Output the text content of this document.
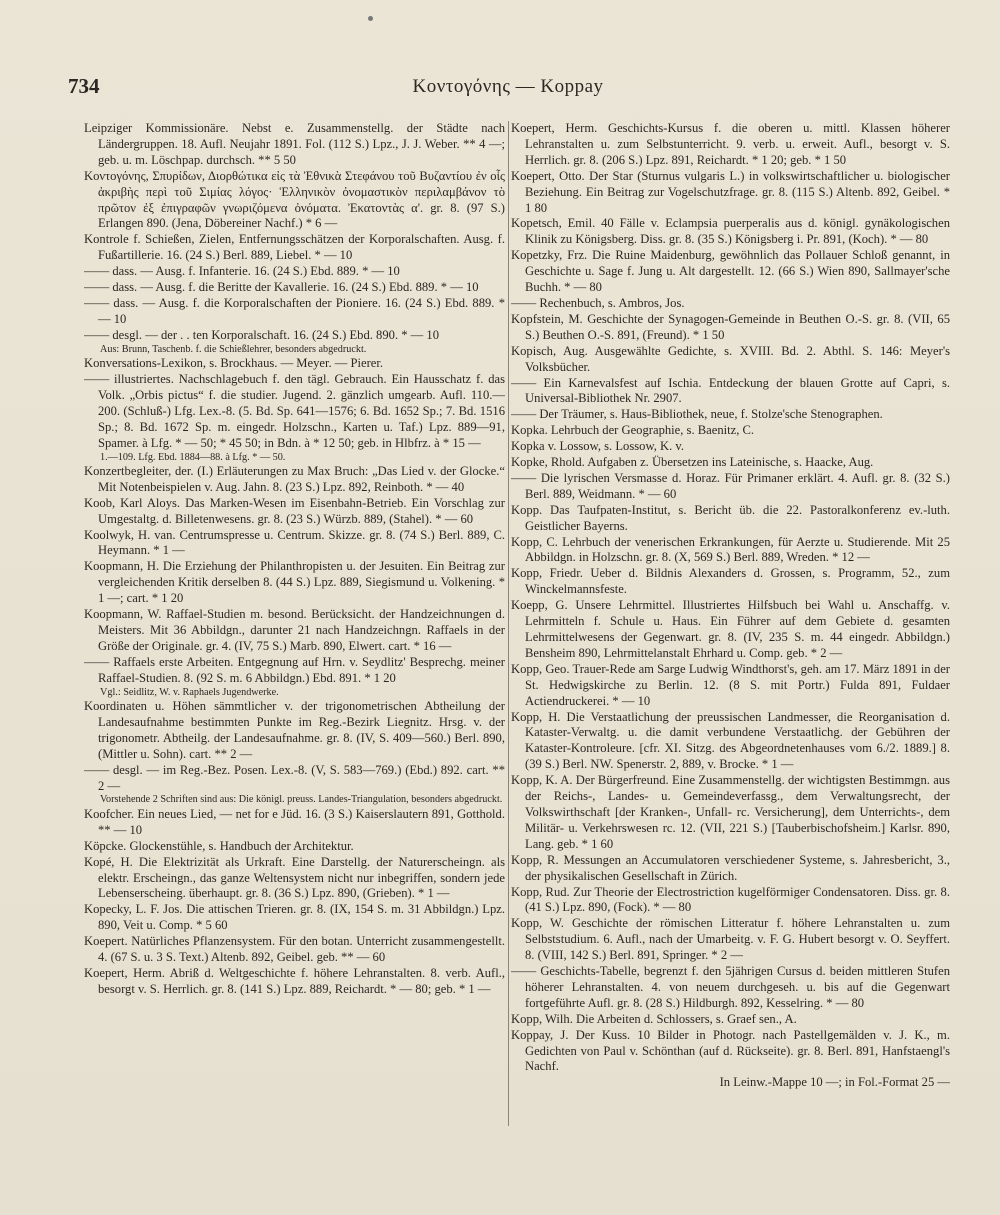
734	Κοντογόνης — Koppay

Leipziger Kommissionäre. Nebst e. Zusammenstellg. der Städte nach Ländergruppen. 18. Aufl. Neujahr 1891. Fol. (112 S.) Lpz., J. J. Weber. ** 4 —; geb. u. m. Löschpap. durchsch. ** 5 50

Κοντογόνης, Σπυρίδων, Διορθώτικα εἰς τὰ Ἐθνικὰ Στεφάνου τοῦ Βυζαντίου ἐν οἷς ἀκριβὴς περὶ τοῦ Σιμίας λόγος· Ἑλληνικὸν ὀνομαστικὸν περιλαμβάνον τὸ πρῶτον ἐξ ἐπιγραφῶν γνωριζόμενα ὀνόματα. Ἐκατοντὰς α'. gr. 8. (97 S.) Erlangen 890. (Jena, Döbereiner Nachf.) * 6 —

Kontrole f. Schießen, Zielen, Entfernungsschätzen der Korporalschaften. Ausg. f. Fußartillerie. 16. (24 S.) Berl. 889, Liebel. * — 10

—— dass. — Ausg. f. Infanterie. 16. (24 S.) Ebd. 889. * — 10

—— dass. — Ausg. f. die Beritte der Kavallerie. 16. (24 S.) Ebd. 889. * — 10

—— dass. — Ausg. f. die Korporalschaften der Pioniere. 16. (24 S.) Ebd. 889. * — 10

—— desgl. — der . . ten Korporalschaft. 16. (24 S.) Ebd. 890. * — 10

Aus: Brunn, Taschenb. f. die Schießlehrer, besonders abgedruckt.

Konversations-Lexikon, s. Brockhaus. — Meyer. — Pierer.

—— illustriertes. Nachschlagebuch f. den tägl. Gebrauch. Ein Hausschatz f. das Volk. „Orbis pictus“ f. die studier. Jugend. 2. gänzlich umgearb. Aufl. 110.—200. (Schluß-) Lfg. Lex.-8. (5. Bd. Sp. 641—1576; 6. Bd. 1652 Sp.; 7. Bd. 1516 Sp.; 8. Bd. 1672 Sp. m. eingedr. Holzschn., Karten u. Taf.) Lpz. 889—91, Spamer. à Lfg. * — 50; * 45 50; in Bdn. à * 12 50; geb. in Hlbfrz. à * 15 —

1.—109. Lfg. Ebd. 1884—88. à Lfg. * — 50.

Konzertbegleiter, der. (I.) Erläuterungen zu Max Bruch: „Das Lied v. der Glocke.“ Mit Notenbeispielen v. Aug. Jahn. 8. (23 S.) Lpz. 892, Reinboth. * — 40

Koob, Karl Aloys. Das Marken-Wesen im Eisenbahn-Betrieb. Ein Vorschlag zur Umgestaltg. d. Billetenwesens. gr. 8. (23 S.) Würzb. 889, (Stahel). * — 60

Koolwyk, H. van. Centrumspresse u. Centrum. Skizze. gr. 8. (74 S.) Berl. 889, C. Heymann. * 1 —

Koopmann, H. Die Erziehung der Philanthropisten u. der Jesuiten. Ein Beitrag zur vergleichenden Kritik derselben 8. (44 S.) Lpz. 889, Siegismund u. Volkening. * 1 —; cart. * 1 20

Koopmann, W. Raffael-Studien m. besond. Berücksicht. der Handzeichnungen d. Meisters. Mit 36 Abbildgn., darunter 21 nach Handzeichngn. Raffaels in der Größe der Originale. gr. 4. (IV, 75 S.) Marb. 890, Elwert. cart. * 16 —

—— Raffaels erste Arbeiten. Entgegnung auf Hrn. v. Seydlitz' Besprechg. meiner Raffael-Studien. 8. (92 S. m. 6 Abbildgn.) Ebd. 891. * 1 20

Vgl.: Seidlitz, W. v. Raphaels Jugendwerke.

Koordinaten u. Höhen sämmtlicher v. der trigonometrischen Abtheilung der Landesaufnahme bestimmten Punkte im Reg.-Bezirk Liegnitz. Hrsg. v. der trigonometr. Abtheilg. der Landesaufnahme. gr. 8. (IV, S. 409—560.) Berl. 890, (Mittler u. Sohn). cart. ** 2 —

—— desgl. — im Reg.-Bez. Posen. Lex.-8. (V, S. 583—769.) (Ebd.) 892. cart. ** 2 —

Vorstehende 2 Schriften sind aus: Die königl. preuss. Landes-Triangulation, besonders abgedruckt.

Koofcher. Ein neues Lied, — net for e Jüd. 16. (3 S.) Kaiserslautern 891, Gotthold. ** — 10

Köpcke. Glockenstühle, s. Handbuch der Architektur.

Kopé, H. Die Elektrizität als Urkraft. Eine Darstellg. der Naturerscheingn. als elektr. Erscheingn., das ganze Weltensystem nicht nur inbegriffen, sondern jede Lebenserscheing. überhaupt. gr. 8. (36 S.) Lpz. 890, (Grieben). * 1 —

Kopecky, L. F. Jos. Die attischen Trieren. gr. 8. (IX, 154 S. m. 31 Abbildgn.) Lpz. 890, Veit u. Comp. * 5 60

Koepert. Natürliches Pflanzensystem. Für den botan. Unterricht zusammengestellt. 4. (67 S. u. 3 S. Text.) Altenb. 892, Geibel. geb. ** — 60

Koepert, Herm. Abriß d. Weltgeschichte f. höhere Lehranstalten. 8. verb. Aufl., besorgt v. S. Herrlich. gr. 8. (141 S.) Lpz. 889, Reichardt. * — 80; geb. * 1 —

Koepert, Herm. Geschichts-Kursus f. die oberen u. mittl. Klassen höherer Lehranstalten u. zum Selbstunterricht. 9. verb. u. erweit. Aufl., besorgt v. S. Herrlich. gr. 8. (206 S.) Lpz. 891, Reichardt. * 1 20; geb. * 1 50

Koepert, Otto. Der Star (Sturnus vulgaris L.) in volkswirtschaftlicher u. biologischer Beziehung. Ein Beitrag zur Vogelschutzfrage. gr. 8. (115 S.) Altenb. 892, Geibel. * 1 80

Kopetsch, Emil. 40 Fälle v. Eclampsia puerperalis aus d. königl. gynäkologischen Klinik zu Königsberg. Diss. gr. 8. (35 S.) Königsberg i. Pr. 891, (Koch). * — 80

Kopetzky, Frz. Die Ruine Maidenburg, gewöhnlich das Pollauer Schloß genannt, in Geschichte u. Sage f. Jung u. Alt dargestellt. 12. (66 S.) Wien 890, Sallmayer'sche Buchh. * — 80

—— Rechenbuch, s. Ambros, Jos.

Kopfstein, M. Geschichte der Synagogen-Gemeinde in Beuthen O.-S. gr. 8. (VII, 65 S.) Beuthen O.-S. 891, (Freund). * 1 50

Kopisch, Aug. Ausgewählte Gedichte, s. XVIII. Bd. 2. Abthl. S. 146: Meyer's Volksbücher.

—— Ein Karnevalsfest auf Ischia. Entdeckung der blauen Grotte auf Capri, s. Universal-Bibliothek Nr. 2907.

—— Der Träumer, s. Haus-Bibliothek, neue, f. Stolze'sche Stenographen.

Kopka. Lehrbuch der Geographie, s. Baenitz, C.

Kopka v. Lossow, s. Lossow, K. v.

Kopke, Rhold. Aufgaben z. Übersetzen ins Lateinische, s. Haacke, Aug.

—— Die lyrischen Versmasse d. Horaz. Für Primaner erklärt. 4. Aufl. gr. 8. (32 S.) Berl. 889, Weidmann. * — 60

Kopp. Das Taufpaten-Institut, s. Bericht üb. die 22. Pastoralkonferenz ev.-luth. Geistlicher Bayerns.

Kopp, C. Lehrbuch der venerischen Erkrankungen, für Aerzte u. Studierende. Mit 25 Abbildgn. in Holzschn. gr. 8. (X, 569 S.) Berl. 889, Wreden. * 12 —

Kopp, Friedr. Ueber d. Bildnis Alexanders d. Grossen, s. Programm, 52., zum Winckelmannsfeste.

Koepp, G. Unsere Lehrmittel. Illustriertes Hilfsbuch bei Wahl u. Anschaffg. v. Lehrmitteln f. Schule u. Haus. Ein Führer auf dem Gebiete d. gesamten Lehrmittelwesens der Gegenwart. gr. 8. (IV, 235 S. m. 44 eingedr. Abbildgn.) Bensheim 890, Lehrmittelanstalt Ehrhard u. Comp. geb. * 2 —

Kopp, Geo. Trauer-Rede am Sarge Ludwig Windthorst's, geh. am 17. März 1891 in der St. Hedwigskirche zu Berlin. 12. (8 S. mit Portr.) Fulda 891, Fuldaer Actiendruckerei. * — 10

Kopp, H. Die Verstaatlichung der preussischen Landmesser, die Reorganisation d. Kataster-Verwaltg. u. die damit verbundene Verstaatlichg. der Gebühren der Kataster-Kontroleure. [cfr. XI. Sitzg. des Abgeordnetenhauses vom 6./2. 1889.] 8. (39 S.) Berl. NW. Spenerstr. 2, 889, v. Brocke. * 1 —

Kopp, K. A. Der Bürgerfreund. Eine Zusammenstellg. der wichtigsten Bestimmgn. aus der Reichs-, Landes- u. Gemeindeverfassg., dem Verwaltungsrecht, der Volkswirthschaft [der Kranken-, Unfall- rc. Versicherung], dem Unterrichts-, dem Militär- u. Verkehrswesen rc. 12. (VII, 221 S.) [Tauberbischofsheim.] Karlsr. 890, Lang. geb. * 1 60

Kopp, R. Messungen an Accumulatoren verschiedener Systeme, s. Jahresbericht, 3., der physikalischen Gesellschaft in Zürich.

Kopp, Rud. Zur Theorie der Electrostriction kugelförmiger Condensatoren. Diss. gr. 8. (41 S.) Lpz. 890, (Fock). * — 80

Kopp, W. Geschichte der römischen Litteratur f. höhere Lehranstalten u. zum Selbststudium. 6. Aufl., nach der Umarbeitg. v. F. G. Hubert besorgt v. O. Seyffert. 8. (VIII, 142 S.) Berl. 891, Springer. * 2 —

—— Geschichts-Tabelle, begrenzt f. den 5jährigen Cursus d. beiden mittleren Stufen höherer Lehranstalten. 4. von neuem durchgeseh. u. bis auf die Gegenwart fortgeführte Aufl. gr. 8. (28 S.) Hildburgh. 892, Kesselring. * — 80

Kopp, Wilh. Die Arbeiten d. Schlossers, s. Graef sen., A.

Koppay, J. Der Kuss. 10 Bilder in Photogr. nach Pastellgemälden v. J. K., m. Gedichten von Paul v. Schönthan (auf d. Rückseite). gr. 8. Berl. 891, Hanfstaengl's Nachf.

In Leinw.-Mappe 10 —; in Fol.-Format 25 —
